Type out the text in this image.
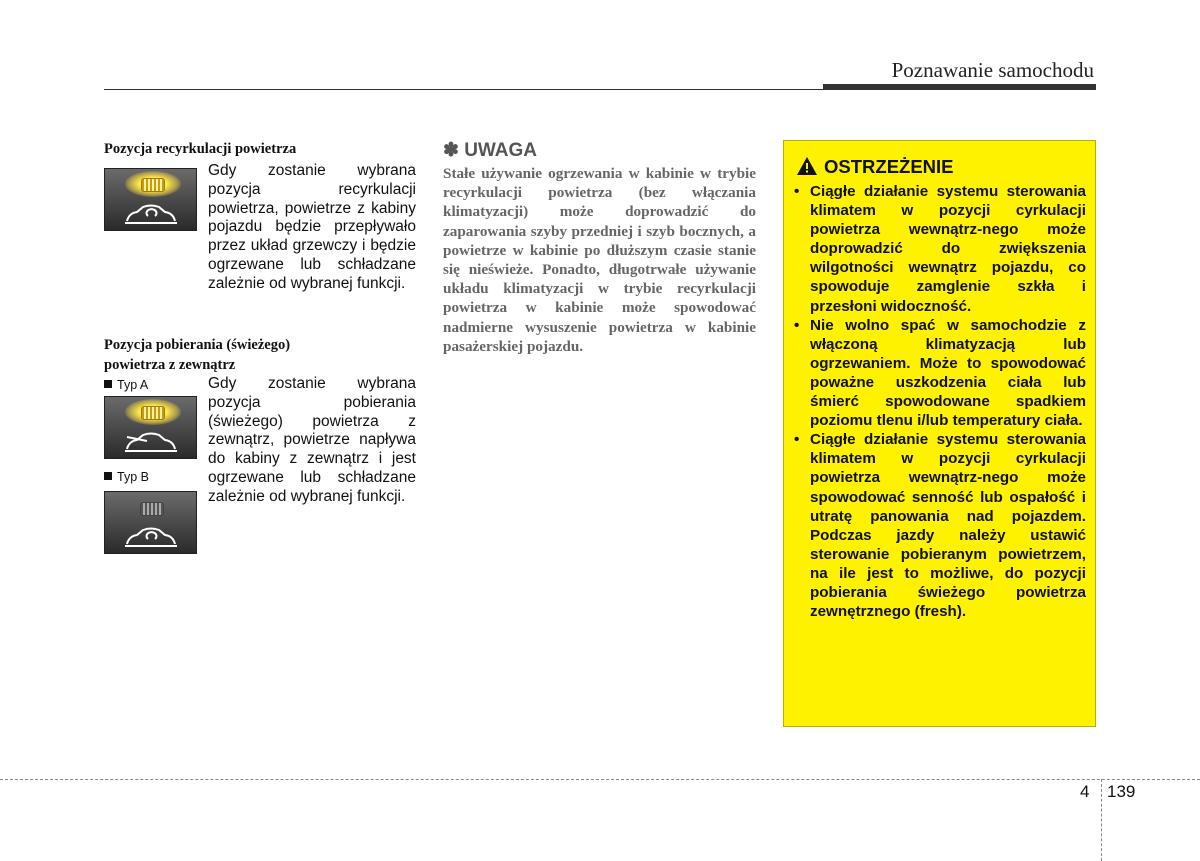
Poznawanie samochodu
Pozycja recyrkulacji powietrza
Gdy zostanie wybrana pozycja recyrkulacji powietrza, powietrze z kabiny pojazdu będzie przepływało przez układ grzewczy i będzie ogrzewane lub schładzane zależnie od wybranej funkcji.
Pozycja pobierania (świeżego)
powietrza z zewnątrz
Typ A
Typ B
Gdy zostanie wybrana pozycja pobierania (świeżego) powietrza z zewnątrz, powietrze napływa do kabiny z zewnątrz i jest ogrzewane lub schładzane zależnie od wybranej funkcji.
✽ UWAGA
Stałe używanie ogrzewania w kabinie w trybie recyrkulacji powietrza (bez włączania klimatyzacji) może doprowadzić do zaparowania szyby przedniej i szyb bocznych, a powietrze w kabinie po dłuższym czasie stanie się nieświeże. Ponadto, długotrwałe używanie układu klimatyzacji w trybie recyrkulacji powietrza w kabinie może spowodować nadmierne wysuszenie powietrza w kabinie pasażerskiej pojazdu.
OSTRZEŻENIE
• Ciągłe działanie systemu sterowania klimatem w pozycji cyrkulacji powietrza wewnątrz-nego może doprowadzić do zwiększenia wilgotności wewnątrz pojazdu, co spowoduje zamglenie szkła i przesłoni widoczność.
• Nie wolno spać w samochodzie z włączoną klimatyzacją lub ogrzewaniem. Może to spowodować poważne uszkodzenia ciała lub śmierć spowodowane spadkiem poziomu tlenu i/lub temperatury ciała.
• Ciągłe działanie systemu sterowania klimatem w pozycji cyrkulacji powietrza wewnątrz-nego może spowodować senność lub ospałość i utratę panowania nad pojazdem. Podczas jazdy należy ustawić sterowanie pobieranym powietrzem, na ile jest to możliwe, do pozycji pobierania świeżego powietrza zewnętrznego (fresh).
4 139
